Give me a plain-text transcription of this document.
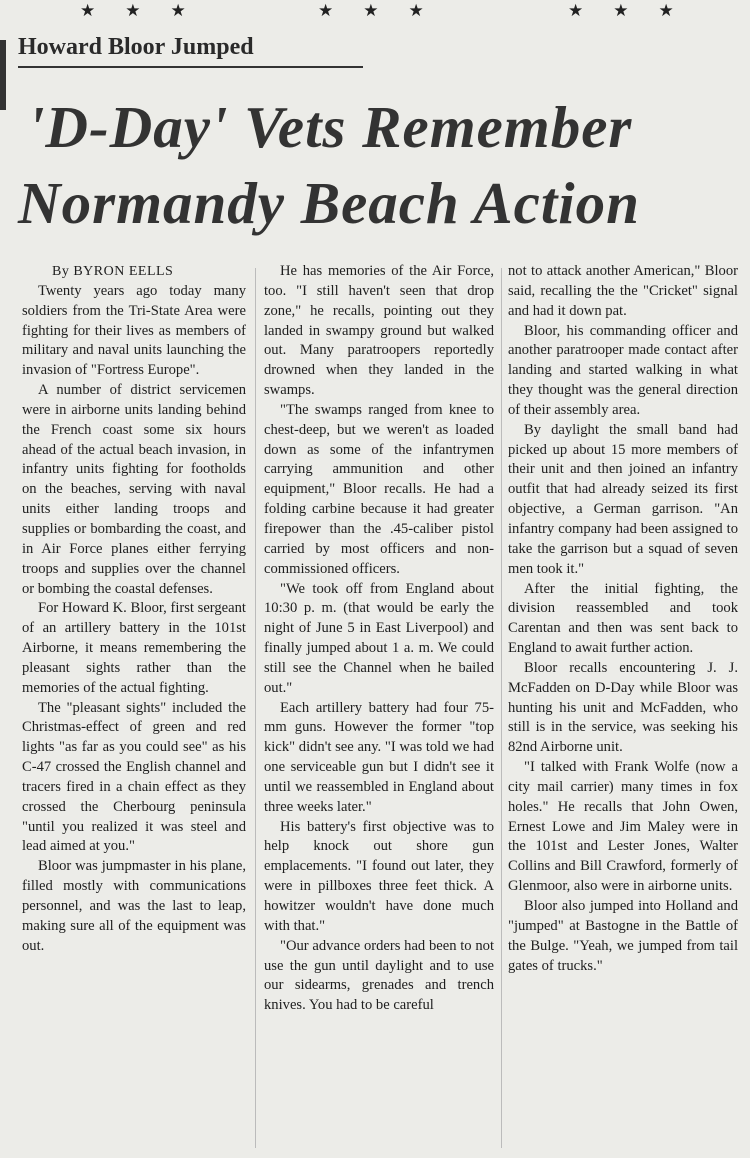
★★★	★★★	★★★
Howard Bloor Jumped
'D-Day' Vets Remember
Normandy Beach Action

By BYRON EELLS

Twenty years ago today many soldiers from the Tri-State Area were fighting for their lives as members of military and naval units launching the invasion of "Fortress Europe".

A number of district servicemen were in airborne units landing behind the French coast some six hours ahead of the actual beach invasion, in infantry units fighting for footholds on the beaches, serving with naval units either landing troops and supplies or bombarding the coast, and in Air Force planes either ferrying troops and supplies over the channel or bombing the coastal defenses.

For Howard K. Bloor, first sergeant of an artillery battery in the 101st Airborne, it means remembering the pleasant sights rather than the memories of the actual fighting.

The "pleasant sights" included the Christmas-effect of green and red lights "as far as you could see" as his C-47 crossed the English channel and tracers fired in a chain effect as they crossed the Cherbourg peninsula "until you realized it was steel and lead aimed at you."

Bloor was jumpmaster in his plane, filled mostly with communications personnel, and was the last to leap, making sure all of the equipment was out.

He has memories of the Air Force, too. "I still haven't seen that drop zone," he recalls, pointing out they landed in swampy ground but walked out. Many paratroopers reportedly drowned when they landed in the swamps.

"The swamps ranged from knee to chest-deep, but we weren't as loaded down as some of the infantrymen carrying ammunition and other equipment," Bloor recalls. He had a folding carbine because it had greater firepower than the .45-caliber pistol carried by most officers and non-commissioned officers.

"We took off from England about 10:30 p. m. (that would be early the night of June 5 in East Liverpool) and finally jumped about 1 a. m. We could still see the Channel when he bailed out."

Each artillery battery had four 75-mm guns. However the former "top kick" didn't see any. "I was told we had one serviceable gun but I didn't see it until we reassembled in England about three weeks later."

His battery's first objective was to help knock out shore gun emplacements. "I found out later, they were in pillboxes three feet thick. A howitzer wouldn't have done much with that."

"Our advance orders had been to not use the gun until daylight and to use our sidearms, grenades and trench knives. You had to be careful

not to attack another American," Bloor said, recalling the the "Cricket" signal and had it down pat.

Bloor, his commanding officer and another paratrooper made contact after landing and started walking in what they thought was the general direction of their assembly area.

By daylight the small band had picked up about 15 more members of their unit and then joined an infantry outfit that had already seized its first objective, a German garrison. "An infantry company had been assigned to take the garrison but a squad of seven men took it."

After the initial fighting, the division reassembled and took Carentan and then was sent back to England to await further action.

Bloor recalls encountering J. J. McFadden on D-Day while Bloor was hunting his unit and McFadden, who still is in the service, was seeking his 82nd Airborne unit.

"I talked with Frank Wolfe (now a city mail carrier) many times in fox holes." He recalls that John Owen, Ernest Lowe and Jim Maley were in the 101st and Lester Jones, Walter Collins and Bill Crawford, formerly of Glenmoor, also were in airborne units.

Bloor also jumped into Holland and "jumped" at Bastogne in the Battle of the Bulge. "Yeah, we jumped from tail gates of trucks."
